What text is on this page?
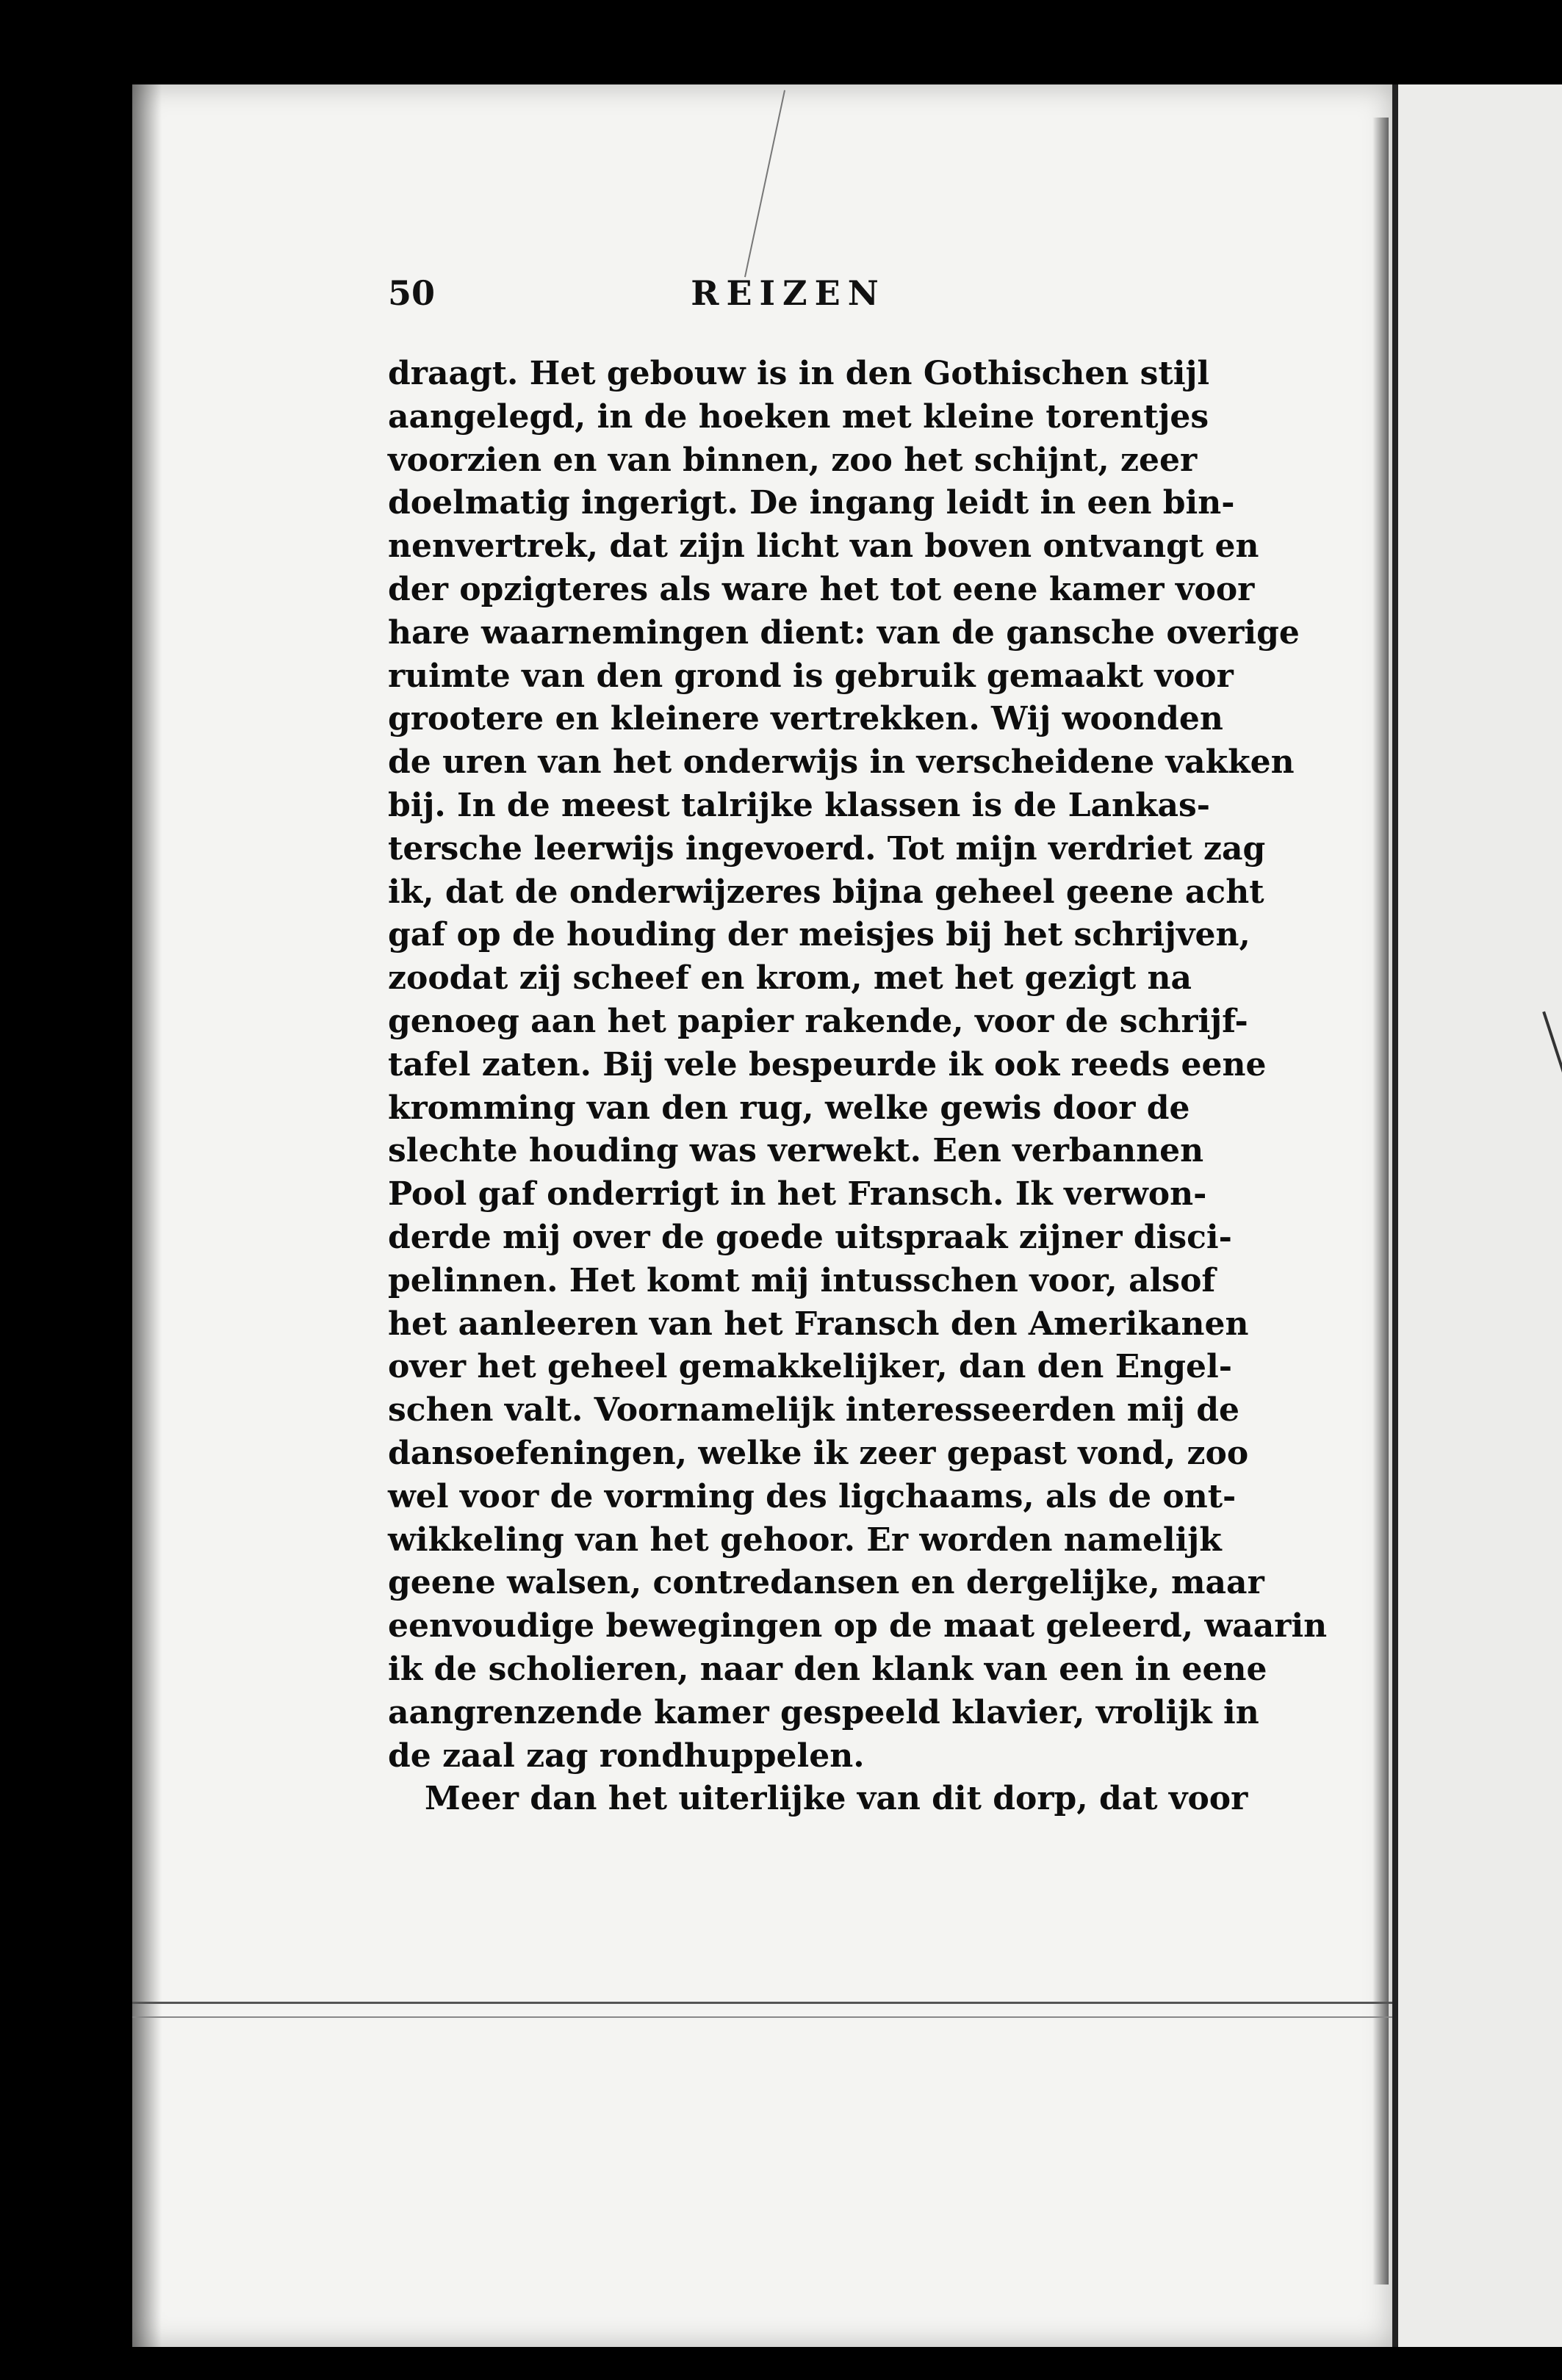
50	REIZEN
draagt. Het gebouw is in den Gothischen stijl
aangelegd, in de hoeken met kleine torentjes
voorzien en van binnen, zoo het schijnt, zeer
doelmatig ingerigt. De ingang leidt in een bin-
nenvertrek, dat zijn licht van boven ontvangt en
der opzigteres als ware het tot eene kamer voor
hare waarnemingen dient: van de gansche overige
ruimte van den grond is gebruik gemaakt voor
grootere en kleinere vertrekken. Wij woonden
de uren van het onderwijs in verscheidene vakken
bij. In de meest talrijke klassen is de Lankas-
tersche leerwijs ingevoerd. Tot mijn verdriet zag
ik, dat de onderwijzeres bijna geheel geene acht
gaf op de houding der meisjes bij het schrijven,
zoodat zij scheef en krom, met het gezigt na
genoeg aan het papier rakende, voor de schrijf-
tafel zaten. Bij vele bespeurde ik ook reeds eene
kromming van den rug, welke gewis door de
slechte houding was verwekt. Een verbannen
Pool gaf onderrigt in het Fransch. Ik verwon-
derde mij over de goede uitspraak zijner disci-
pelinnen. Het komt mij intusschen voor, alsof
het aanleeren van het Fransch den Amerikanen
over het geheel gemakkelijker, dan den Engel-
schen valt. Voornamelijk interesseerden mij de
dansoefeningen, welke ik zeer gepast vond, zoo
wel voor de vorming des ligchaams, als de ont-
wikkeling van het gehoor. Er worden namelijk
geene walsen, contredansen en dergelijke, maar
eenvoudige bewegingen op de maat geleerd, waarin
ik de scholieren, naar den klank van een in eene
aangrenzende kamer gespeeld klavier, vrolijk in
de zaal zag rondhuppelen.
Meer dan het uiterlijke van dit dorp, dat voor
